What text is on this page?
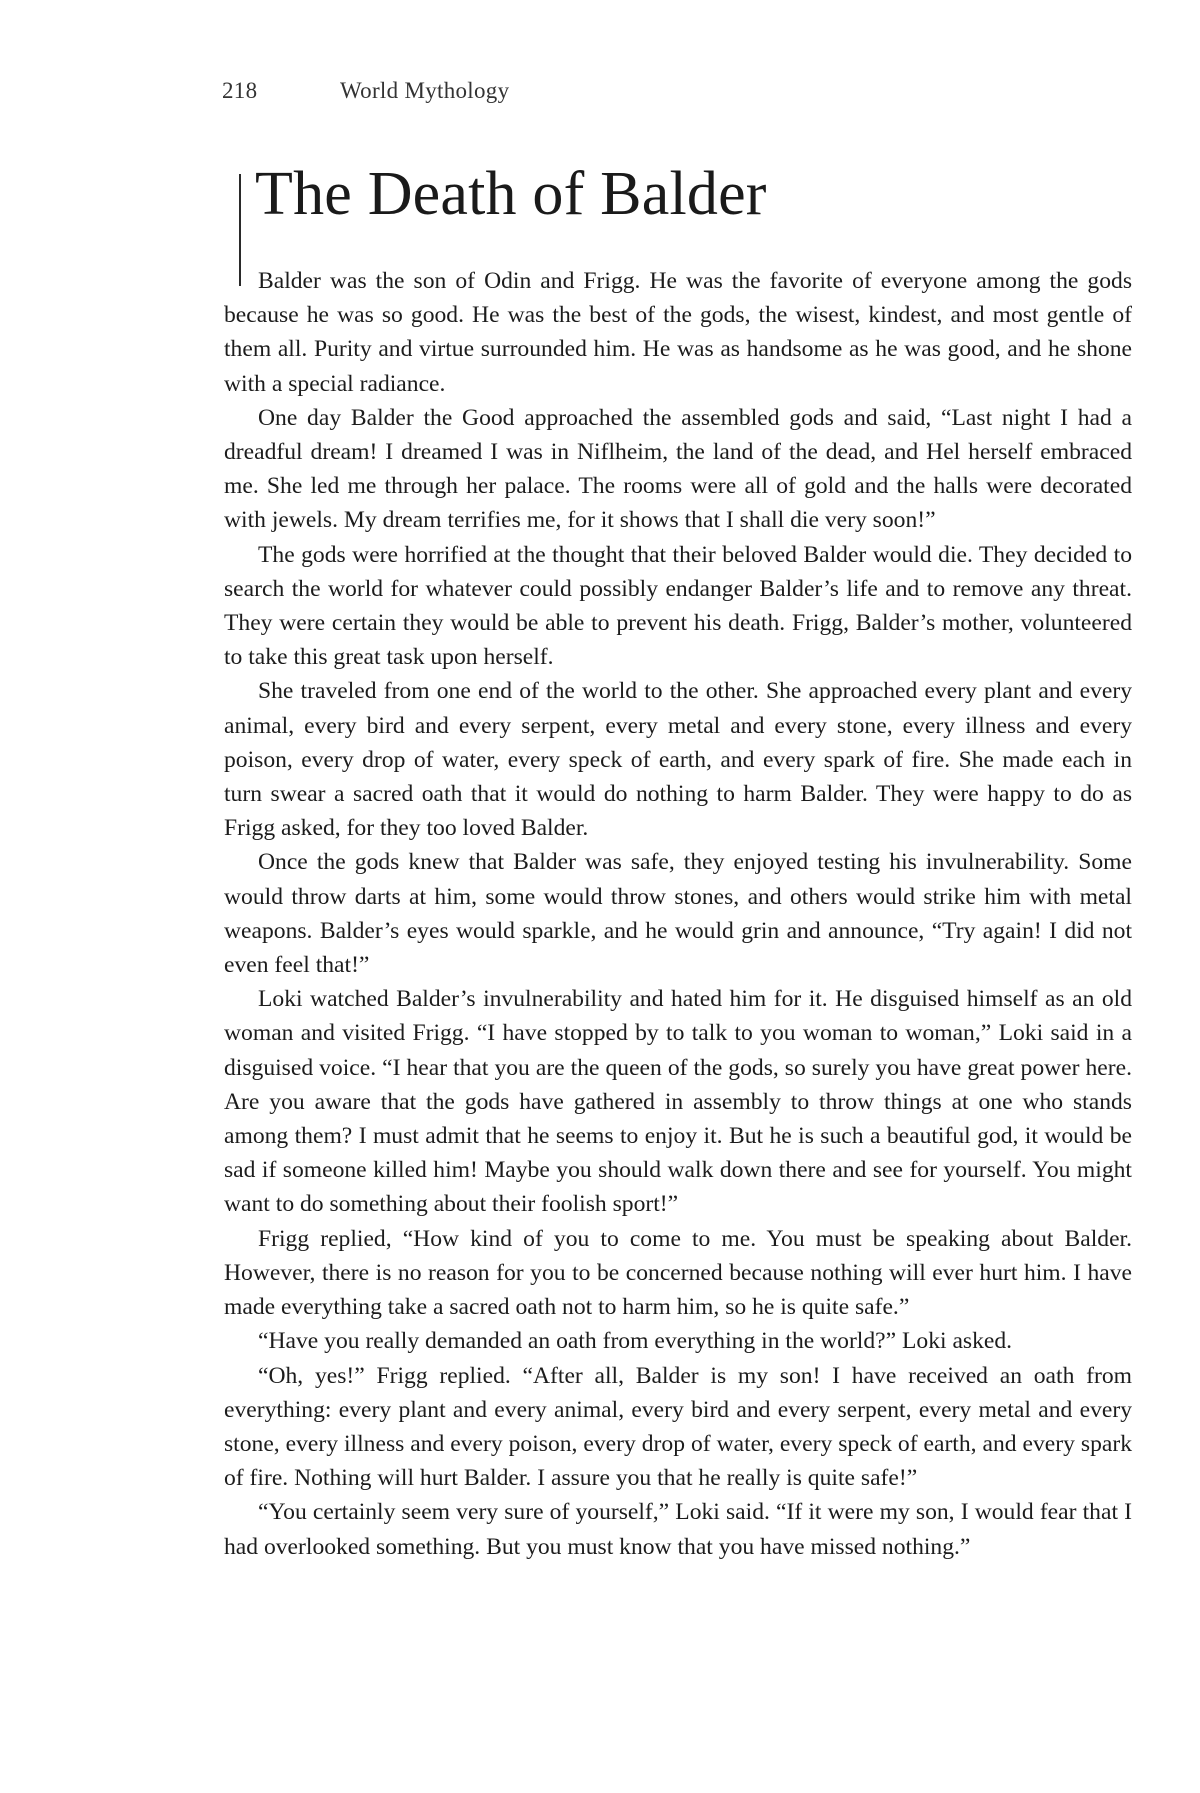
218	World Mythology
The Death of Balder

Balder was the son of Odin and Frigg. He was the favorite of everyone among the gods because he was so good. He was the best of the gods, the wisest, kindest, and most gentle of them all. Purity and virtue surrounded him. He was as handsome as he was good, and he shone with a special radiance.

One day Balder the Good approached the assembled gods and said, “Last night I had a dreadful dream! I dreamed I was in Niflheim, the land of the dead, and Hel herself embraced me. She led me through her palace. The rooms were all of gold and the halls were decorated with jewels. My dream terrifies me, for it shows that I shall die very soon!”

The gods were horrified at the thought that their beloved Balder would die. They decided to search the world for whatever could possibly endanger Balder’s life and to remove any threat. They were certain they would be able to prevent his death. Frigg, Balder’s mother, volunteered to take this great task upon herself.

She traveled from one end of the world to the other. She approached every plant and every animal, every bird and every serpent, every metal and every stone, every illness and every poison, every drop of water, every speck of earth, and every spark of fire. She made each in turn swear a sacred oath that it would do nothing to harm Balder. They were happy to do as Frigg asked, for they too loved Balder.

Once the gods knew that Balder was safe, they enjoyed testing his invulnerability. Some would throw darts at him, some would throw stones, and others would strike him with metal weapons. Balder’s eyes would sparkle, and he would grin and announce, “Try again! I did not even feel that!”

Loki watched Balder’s invulnerability and hated him for it. He disguised himself as an old woman and visited Frigg. “I have stopped by to talk to you woman to woman,” Loki said in a disguised voice. “I hear that you are the queen of the gods, so surely you have great power here. Are you aware that the gods have gathered in assembly to throw things at one who stands among them? I must admit that he seems to enjoy it. But he is such a beautiful god, it would be sad if someone killed him! Maybe you should walk down there and see for yourself. You might want to do something about their foolish sport!”

Frigg replied, “How kind of you to come to me. You must be speaking about Balder. However, there is no reason for you to be concerned because nothing will ever hurt him. I have made everything take a sacred oath not to harm him, so he is quite safe.”

“Have you really demanded an oath from everything in the world?” Loki asked.

“Oh, yes!” Frigg replied. “After all, Balder is my son! I have received an oath from everything: every plant and every animal, every bird and every serpent, every metal and every stone, every illness and every poison, every drop of water, every speck of earth, and every spark of fire. Nothing will hurt Balder. I assure you that he really is quite safe!”

“You certainly seem very sure of yourself,” Loki said. “If it were my son, I would fear that I had overlooked something. But you must know that you have missed nothing.”
